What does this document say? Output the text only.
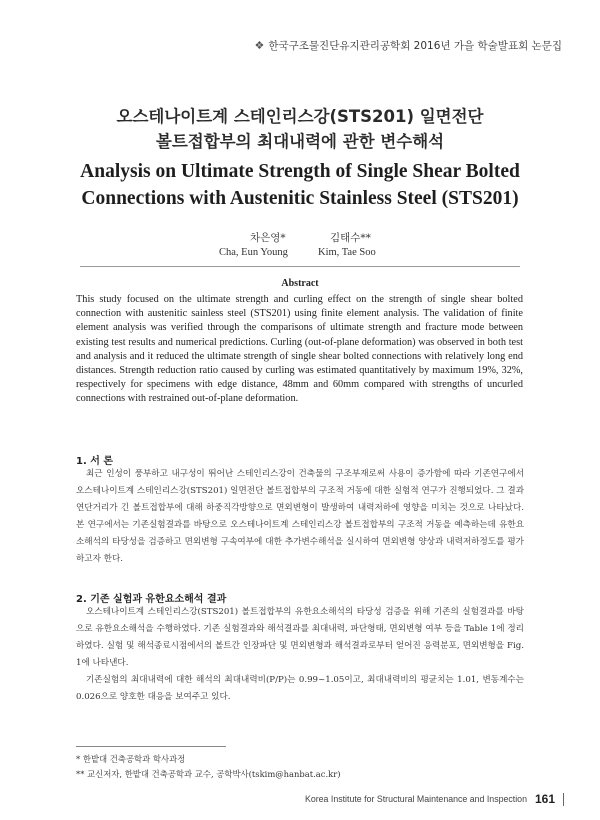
❖ 한국구조물진단유지관리공학회 2016년 가을 학술발표회 논문집
오스테나이트계 스테인리스강(STS201) 일면전단
볼트접합부의 최대내력에 관한 변수해석
Analysis on Ultimate Strength of Single Shear Bolted
Connections with Austenitic Stainless Steel (STS201)
차은영*	김태수**
Cha, Eun Young	Kim, Tae Soo
Abstract
This study focused on the ultimate strength and curling effect on the strength of single shear bolted connection with austenitic sainless steel (STS201) using finite element analysis. The validation of finite element analysis was verified through the comparisons of ultimate strength and fracture mode between existing test results and numerical predictions. Curling (out-of-plane deformation) was observed in both test and analysis and it reduced the ultimate strength of single shear bolted connections with relatively long end distances. Strength reduction ratio caused by curling was estimated quantitatively by maximum 19%, 32%, respectively for specimens with edge distance, 48mm and 60mm compared with strengths of uncurled connections with restrained out-of-plane deformation.
1. 서 론
최근 인성이 풍부하고 내구성이 뛰어난 스테인리스강이 건축물의 구조부재로써 사용이 증가함에 따라 기존연구에서 오스테나이트계 스테인리스강(STS201) 일면전단 볼트접합부의 구조적 거동에 대한 실험적 연구가 진행되었다. 그 결과 연단거리가 긴 볼트접합부에 대해 하중직각방향으로 면외변형이 발생하여 내력저하에 영향을 미치는 것으로 나타났다. 본 연구에서는 기존실험결과를 바탕으로 오스테나이트계 스테인리스강 볼트접합부의 구조적 거동을 예측하는데 유한요소해석의 타당성을 검증하고 면외변형 구속여부에 대한 추가변수해석을 실시하여 면외변형 양상과 내력저하정도를 평가하고자 한다.
2. 기존 실험과 유한요소해석 결과
오스테나이트계 스테인리스강(STS201) 볼트접합부의 유한요소해석의 타당성 검증을 위해 기존의 실험결과를 바탕으로 유한요소해석을 수행하였다. 기존 실험결과와 해석결과를 최대내력, 파단형태, 면외변형 여부 등을 Table 1에 정리하였다. 실험 및 해석종료시점에서의 볼트간 인장파단 및 면외변형과 해석결과로부터 얻어진 응력분포, 면외변형을 Fig. 1에 나타낸다.
기존실험의 최대내력에 대한 해석의 최대내력비(P/P)는 0.99~1.05이고, 최대내력비의 평균치는 1.01, 변동계수는 0.026으로 양호한 대응을 보여주고 있다.
* 한밭대 건축공학과 학사과정
** 교신저자, 한밭대 건축공학과 교수, 공학박사(tskim@hanbat.ac.kr)
Korea Institute for Structural Maintenance and Inspection 161
